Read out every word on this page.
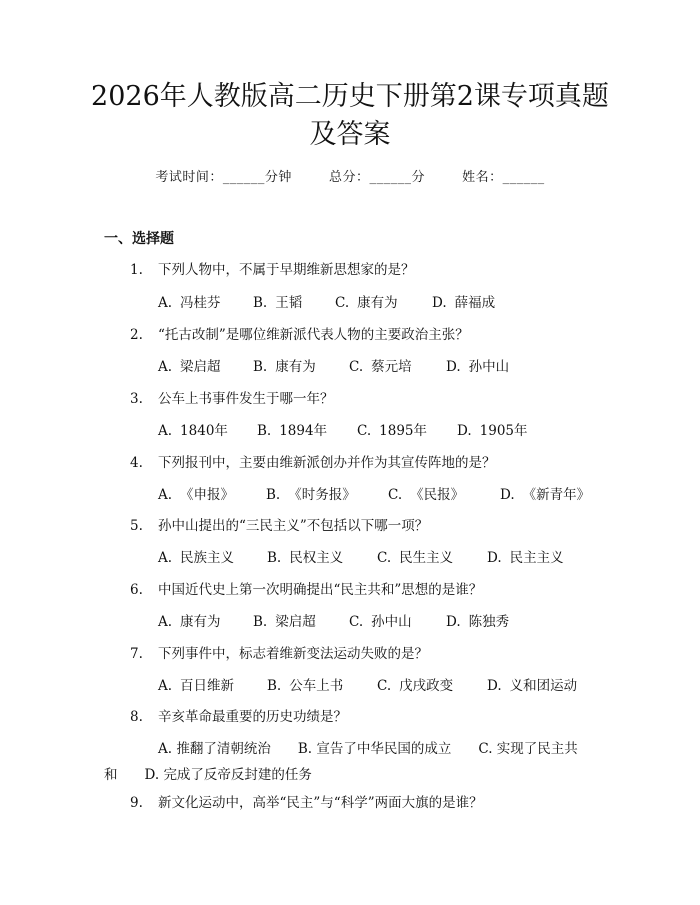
2026年人教版高二历史下册第2课专项真题
及答案
考试时间：______分钟	总分：______分	姓名：______
一、选择题
1. 下列人物中，不属于早期维新思想家的是？
A. 冯桂芬 B. 王韬 C. 康有为	D. 薛福成
2. “托古改制”是哪位维新派代表人物的主要政治主张？
A. 梁启超 B. 康有为 C. 蔡元培	D. 孙中山
3. 公车上书事件发生于哪一年？
A. 1840年 B. 1894年 C. 1895年 D. 1905年
4. 下列报刊中，主要由维新派创办并作为其宣传阵地的是？
A. 《申报》 B. 《时务报》 C. 《民报》	D. 《新青年》
5. 孙中山提出的“三民主义”不包括以下哪一项？
A. 民族主义 B. 民权主义	C. 民生主义	D. 民主主义
6. 中国近代史上第一次明确提出“民主共和”思想的是谁？
A. 康有为 B. 梁启超 C. 孙中山	D. 陈独秀
7. 下列事件中，标志着维新变法运动失败的是？
A. 百日维新 B. 公车上书	C. 戊戌政变	D. 义和团运动
8. 辛亥革命最重要的历史功绩是？
A. 推翻了清朝统治   B. 宣告了中华民国的成立   C. 实现了民主共和   D. 完成了反帝反封建的任务
9. 新文化运动中，高举“民主”与“科学”两面大旗的是谁？
